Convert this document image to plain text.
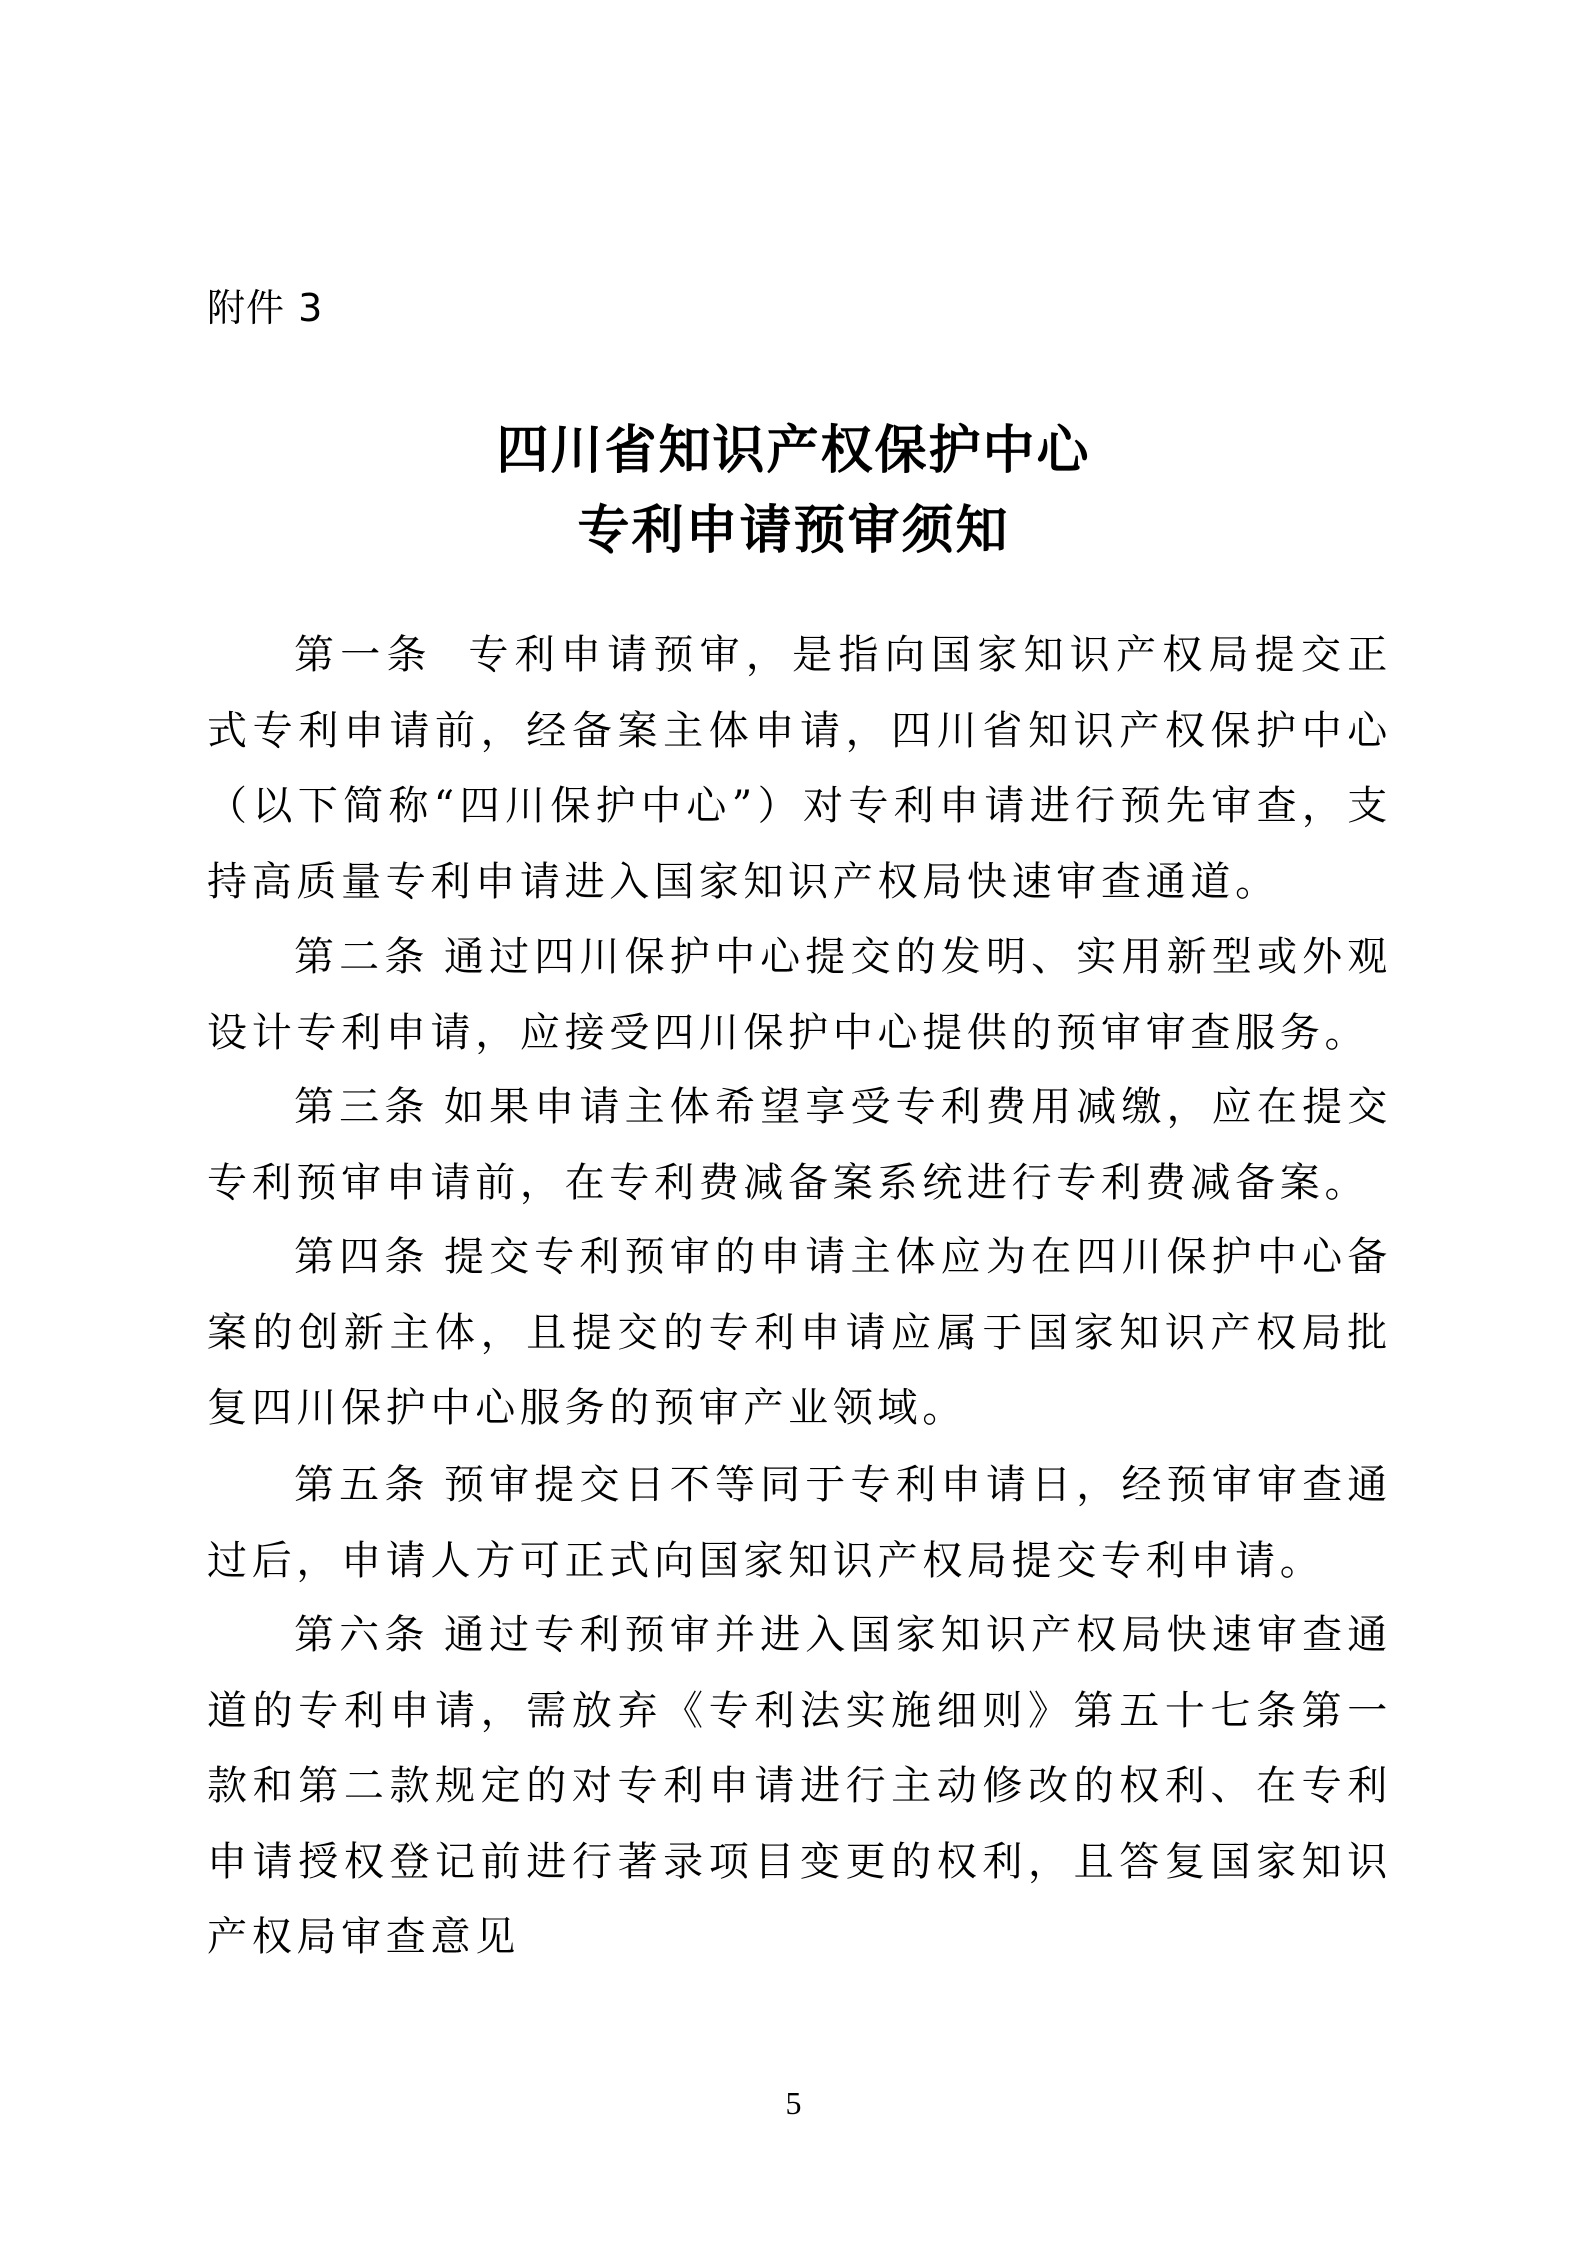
附件 3
四川省知识产权保护中心
专利申请预审须知

第一条 专利申请预审，是指向国家知识产权局提交正式专利申请前，经备案主体申请，四川省知识产权保护中心（以下简称“四川保护中心”）对专利申请进行预先审查，支持高质量专利申请进入国家知识产权局快速审查通道。

第二条 通过四川保护中心提交的发明、实用新型或外观设计专利申请，应接受四川保护中心提供的预审审查服务。

第三条 如果申请主体希望享受专利费用减缴，应在提交专利预审申请前，在专利费减备案系统进行专利费减备案。

第四条 提交专利预审的申请主体应为在四川保护中心备案的创新主体，且提交的专利申请应属于国家知识产权局批复四川保护中心服务的预审产业领域。

第五条 预审提交日不等同于专利申请日，经预审审查通过后，申请人方可正式向国家知识产权局提交专利申请。

第六条 通过专利预审并进入国家知识产权局快速审查通道的专利申请，需放弃《专利法实施细则》第五十七条第一款和第二款规定的对专利申请进行主动修改的权利、在专利申请授权登记前进行著录项目变更的权利，且答复国家知识产权局审查意见

5
